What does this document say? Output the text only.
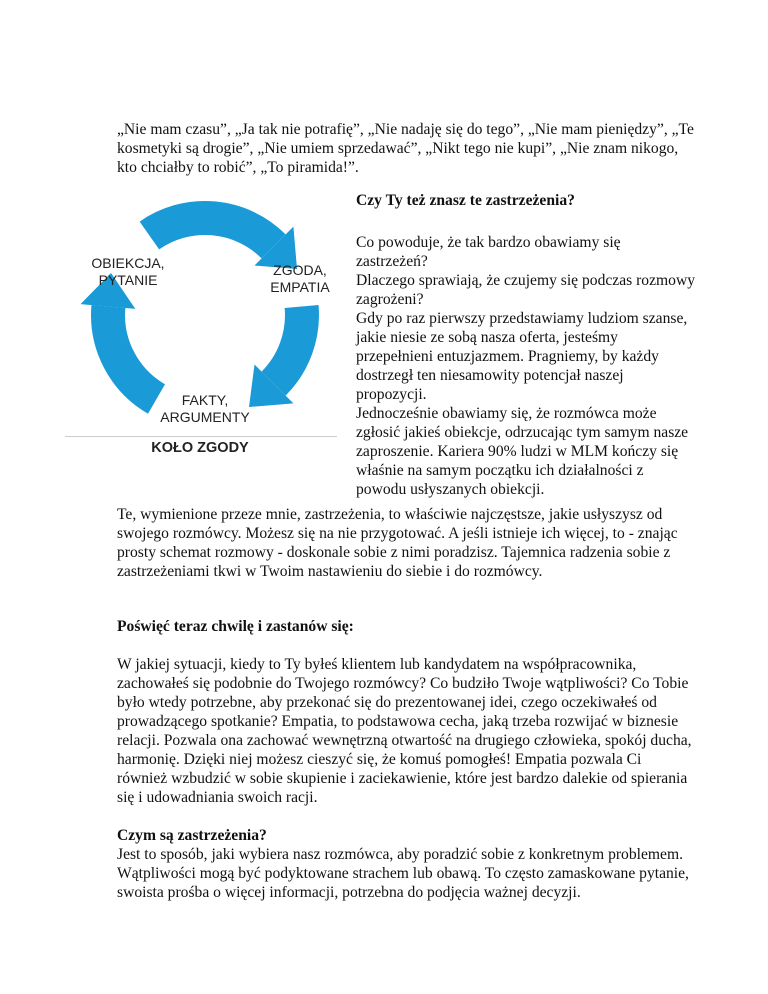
„Nie mam czasu”, „Ja tak nie potrafię”, „Nie nadaję się do tego”, „Nie mam pieniędzy”, „Te kosmetyki są drogie”, „Nie umiem sprzedawać”, „Nikt tego nie kupi”, „Nie znam nikogo, kto chciałby to robić”, „To piramida!”.

OBIEKCJA,
PYTANIE
ZGODA,
EMPATIA
FAKTY,
ARGUMENTY
KOŁO ZGODY

Czy Ty też znasz te zastrzeżenia?

Co powoduje, że tak bardzo obawiamy się zastrzeżeń?

Dlaczego sprawiają, że czujemy się podczas rozmowy zagrożeni?

Gdy po raz pierwszy przedstawiamy ludziom szanse, jakie niesie ze sobą nasza oferta, jesteśmy przepełnieni entuzjazmem. Pragniemy, by każdy dostrzegł ten niesamowity potencjał naszej propozycji.

Jednocześnie obawiamy się, że rozmówca może zgłosić jakieś obiekcje, odrzucając tym samym nasze zaproszenie. Kariera 90% ludzi w MLM kończy się właśnie na samym początku ich działalności z powodu usłyszanych obiekcji.

Te, wymienione przeze mnie, zastrzeżenia, to właściwie najczęstsze, jakie usłyszysz od swojego rozmówcy. Możesz się na nie przygotować. A jeśli istnieje ich więcej, to - znając prosty schemat rozmowy - doskonale sobie z nimi poradzisz. Tajemnica radzenia sobie z zastrzeżeniami tkwi w Twoim nastawieniu do siebie i do rozmówcy.

Poświęć teraz chwilę i zastanów się:

W jakiej sytuacji, kiedy to Ty byłeś klientem lub kandydatem na współpracownika, zachowałeś się podobnie do Twojego rozmówcy? Co budziło Twoje wątpliwości? Co Tobie było wtedy potrzebne, aby przekonać się do prezentowanej idei, czego oczekiwałeś od prowadzącego spotkanie? Empatia, to podstawowa cecha, jaką trzeba rozwijać w biznesie relacji. Pozwala ona zachować wewnętrzną otwartość na drugiego człowieka, spokój ducha, harmonię. Dzięki niej możesz cieszyć się, że komuś pomogłeś! Empatia pozwala Ci również wzbudzić w sobie skupienie i zaciekawienie, które jest bardzo dalekie od spierania się i udowadniania swoich racji.

Czym są zastrzeżenia?

Jest to sposób, jaki wybiera nasz rozmówca, aby poradzić sobie z konkretnym problemem. Wątpliwości mogą być podyktowane strachem lub obawą. To często zamaskowane pytanie, swoista prośba o więcej informacji, potrzebna do podjęcia ważnej decyzji.
